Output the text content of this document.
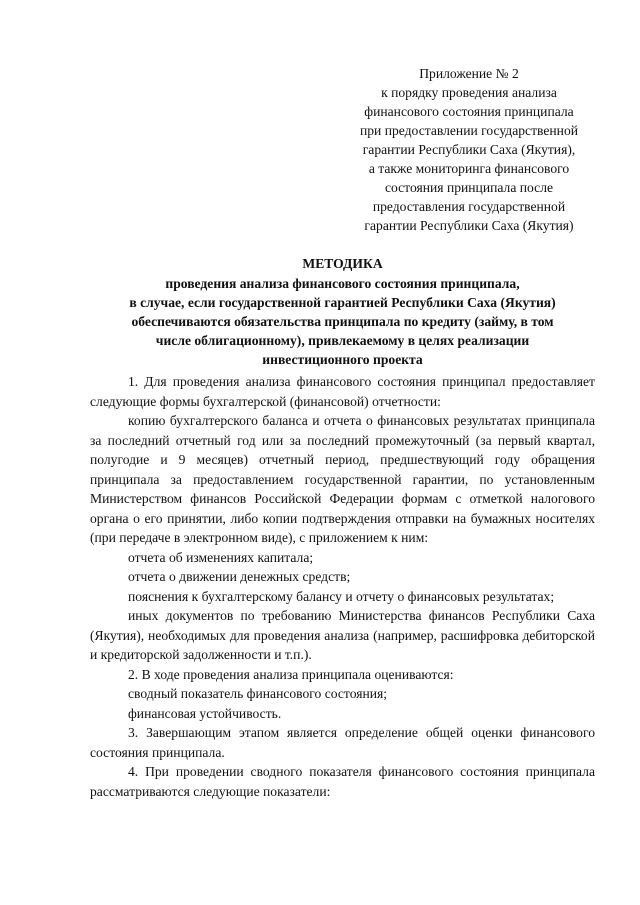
Приложение № 2
к порядку проведения анализа
финансового состояния принципала
при предоставлении государственной
гарантии Республики Саха (Якутия),
а также мониторинга финансового
состояния принципала после
предоставления государственной
гарантии Республики Саха (Якутия)
МЕТОДИКА
проведения анализа финансового состояния принципала,
в случае, если государственной гарантией Республики Саха (Якутия)
обеспечиваются обязательства принципала по кредиту (займу, в том
числе облигационному), привлекаемому в целях реализации
инвестиционного проекта

1. Для проведения анализа финансового состояния принципал предоставляет следующие формы бухгалтерской (финансовой) отчетности:

копию бухгалтерского баланса и отчета о финансовых результатах принципала за последний отчетный год или за последний промежуточный (за первый квартал, полугодие и 9 месяцев) отчетный период, предшествующий году обращения принципала за предоставлением государственной гарантии, по установленным Министерством финансов Российской Федерации формам с отметкой налогового органа о его принятии, либо копии подтверждения отправки на бумажных носителях (при передаче в электронном виде), с приложением к ним:

отчета об изменениях капитала;

отчета о движении денежных средств;

пояснения к бухгалтерскому балансу и отчету о финансовых результатах;

иных документов по требованию Министерства финансов Республики Саха (Якутия), необходимых для проведения анализа (например, расшифровка дебиторской и кредиторской задолженности и т.п.).

2. В ходе проведения анализа принципала оцениваются:

сводный показатель финансового состояния;

финансовая устойчивость.

3. Завершающим этапом является определение общей оценки финансового состояния принципала.

4. При проведении сводного показателя финансового состояния принципала рассматриваются следующие показатели:
